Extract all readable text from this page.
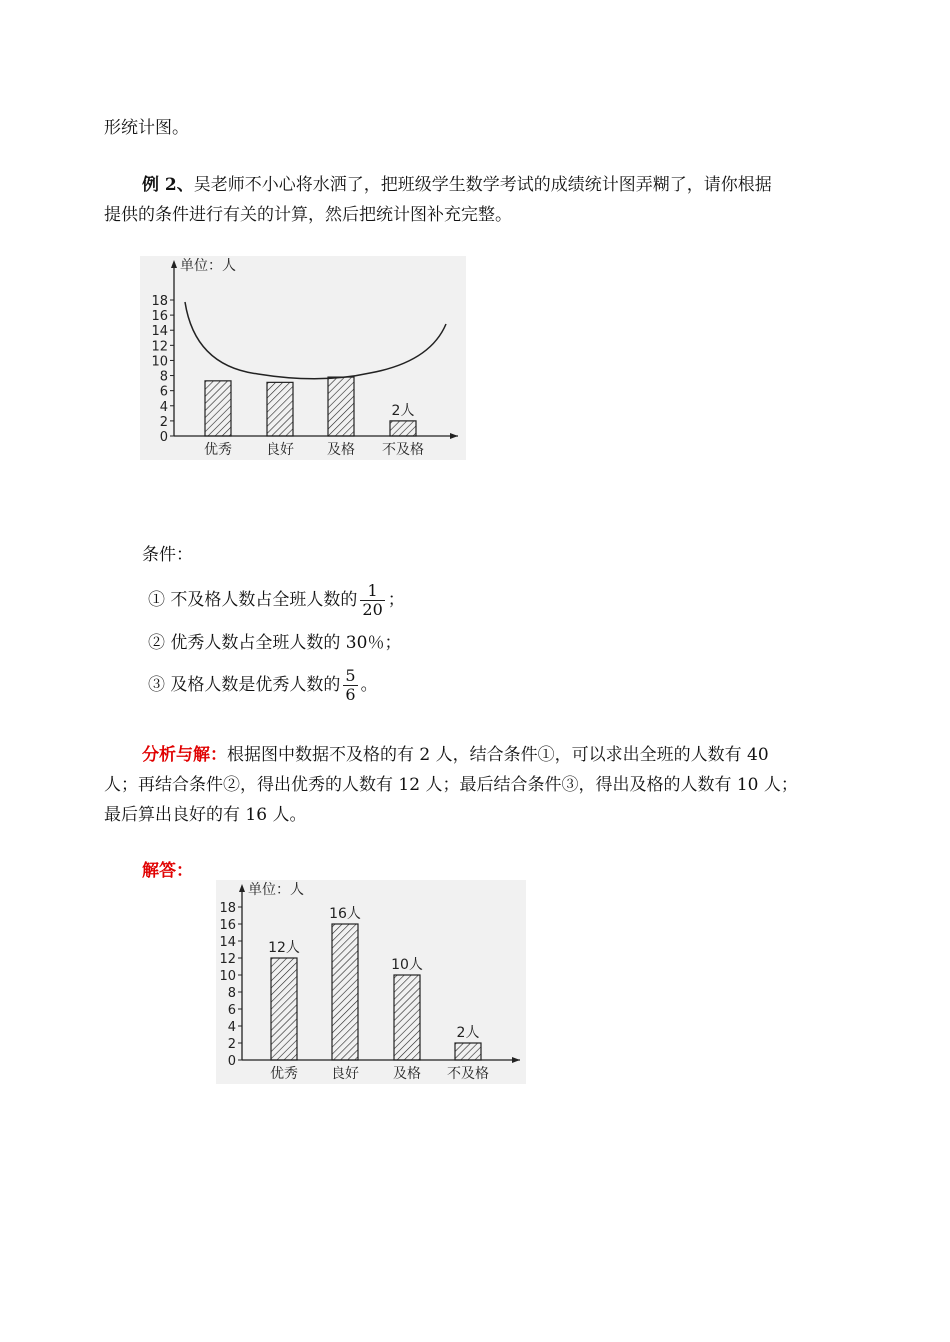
形统计图。
例 2、吴老师不小心将水洒了，把班级学生数学考试的成绩统计图弄糊了，请你根据
提供的条件进行有关的计算，然后把统计图补充完整。
单位：人
0
2
4
6
8
10
12
14
16
18
优秀 良好 及格 不及格
2人
条件：
① 不及格人数占全班人数的 $\frac{1}{20}$ ；
② 优秀人数占全班人数的 30％；
③ 及格人数是优秀人数的 $\frac{5}{6}$ 。
分析与解：根据图中数据不及格的有 2 人，结合条件①，可以求出全班的人数有 40
人；再结合条件②，得出优秀的人数有 12 人；最后结合条件③，得出及格的人数有 10 人；
最后算出良好的有 16 人。
解答：
单位：人
0
2
4
6
8
10
12
14
16
18
优秀
12人
良好
16人
及格
10人
不及格
2人
